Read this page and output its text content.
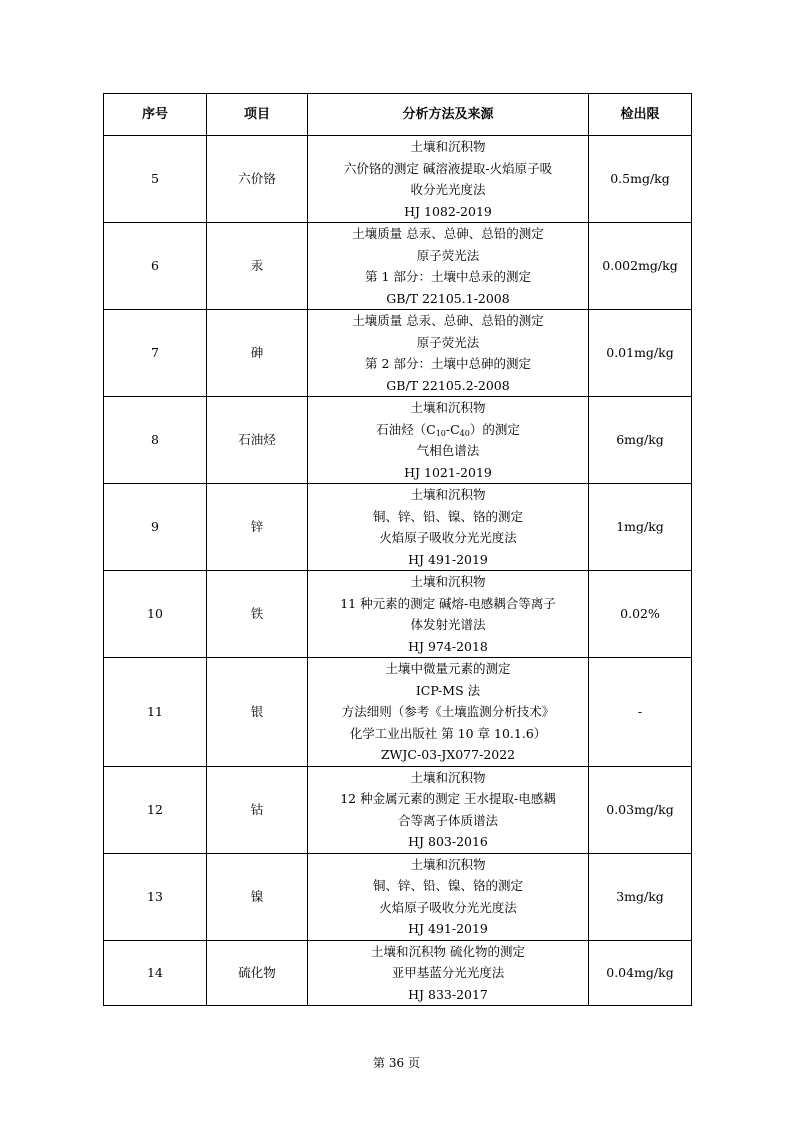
序号	项目	分析方法及来源	检出限
5	六价铬	土壤和沉积物
六价铬的测定 碱溶液提取-火焰原子吸
收分光光度法
HJ 1082-2019	0.5mg/kg
6	汞	土壤质量 总汞、总砷、总铅的测定
原子荧光法
第 1 部分：土壤中总汞的测定
GB/T 22105.1-2008	0.002mg/kg
7	砷	土壤质量 总汞、总砷、总铅的测定
原子荧光法
第 2 部分：土壤中总砷的测定
GB/T 22105.2-2008	0.01mg/kg
8	石油烃	土壤和沉积物
石油烃$(C_{10}-C_{40})$的测定
气相色谱法
HJ 1021-2019	6mg/kg
9	锌	土壤和沉积物
铜、锌、铅、镍、铬的测定
火焰原子吸收分光光度法
HJ 491-2019	1mg/kg
10	铁	土壤和沉积物
11 种元素的测定 碱熔-电感耦合等离子
体发射光谱法
HJ 974-2018	0.02%
11	银	土壤中微量元素的测定
ICP-MS 法
方法细则（参考《土壤监测分析技术》
化学工业出版社 第 10 章 10.1.6）
ZWJC-03-JX077-2022	-
12	钴	土壤和沉积物
12 种金属元素的测定 王水提取-电感耦
合等离子体质谱法
HJ 803-2016	0.03mg/kg
13	镍	土壤和沉积物
铜、锌、铅、镍、铬的测定
火焰原子吸收分光光度法
HJ 491-2019	3mg/kg
14	硫化物	土壤和沉积物 硫化物的测定
亚甲基蓝分光光度法
HJ 833-2017	0.04mg/kg
第 36 页
